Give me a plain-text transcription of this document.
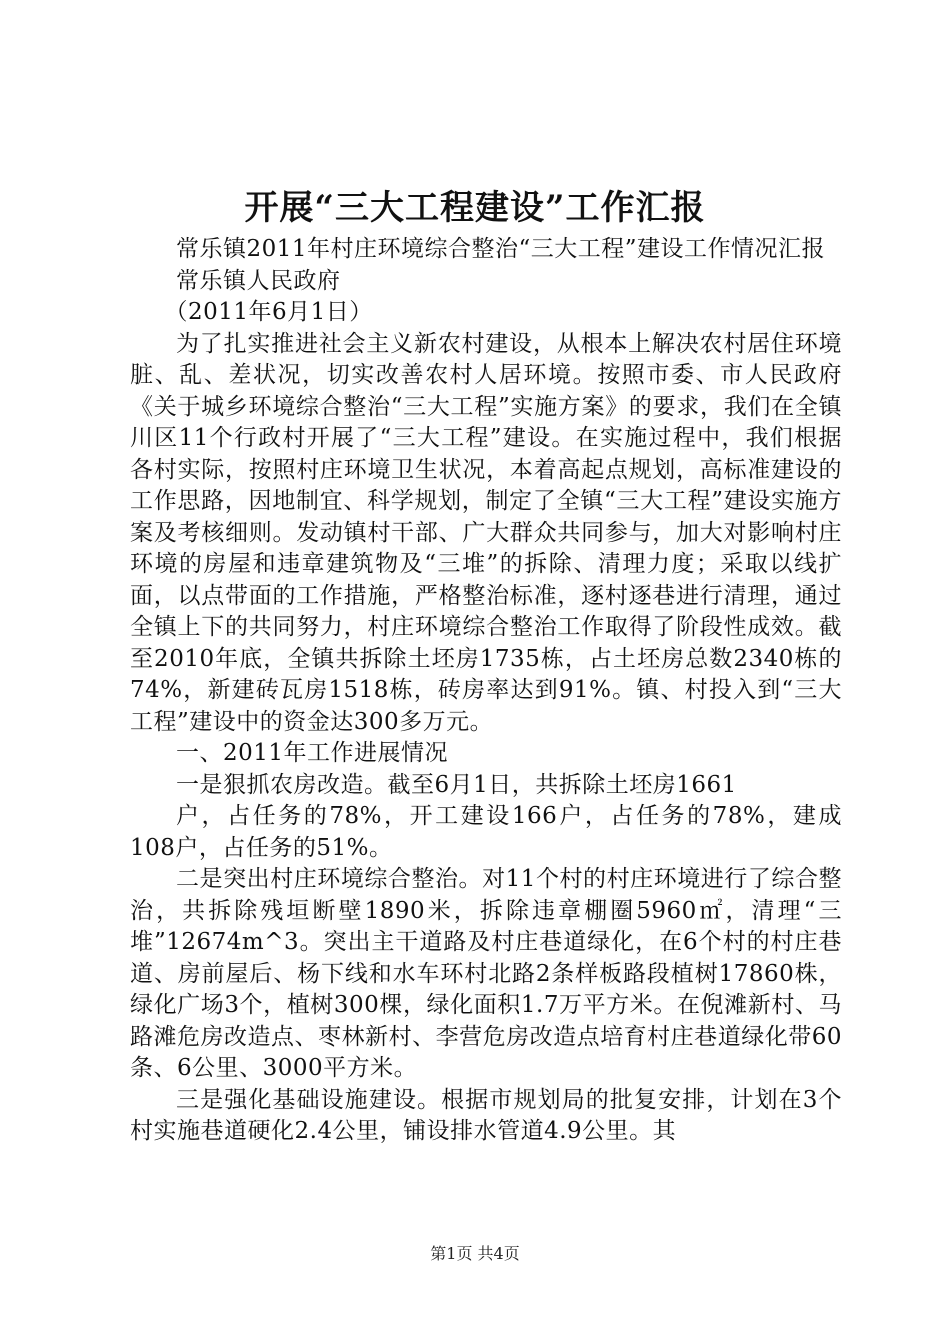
开展“三大工程建设”工作汇报

常乐镇2011年村庄环境综合整治“三大工程”建设工作情况汇报

常乐镇人民政府

（2011年6月1日）

为了扎实推进社会主义新农村建设，从根本上解决农村居住环境脏、乱、差状况，切实改善农村人居环境。按照市委、市人民政府《关于城乡环境综合整治“三大工程”实施方案》的要求，我们在全镇川区11个行政村开展了“三大工程”建设。在实施过程中，我们根据各村实际，按照村庄环境卫生状况，本着高起点规划，高标准建设的工作思路，因地制宜、科学规划，制定了全镇“三大工程”建设实施方案及考核细则。发动镇村干部、广大群众共同参与，加大对影响村庄环境的房屋和违章建筑物及“三堆”的拆除、清理力度；采取以线扩面，以点带面的工作措施，严格整治标准，逐村逐巷进行清理，通过全镇上下的共同努力，村庄环境综合整治工作取得了阶段性成效。截至2010年底，全镇共拆除土坯房1735栋，占土坯房总数2340栋的74%，新建砖瓦房1518栋，砖房率达到91%。镇、村投入到“三大工程”建设中的资金达300多万元。

一、2011年工作进展情况

一是狠抓农房改造。截至6月1日，共拆除土坯房1661

户，占任务的78%，开工建设166户，占任务的78%，建成108户，占任务的51%。

二是突出村庄环境综合整治。对11个村的村庄环境进行了综合整治，共拆除残垣断壁1890米，拆除违章棚圈5960㎡，清理“三堆”12674m^3。突出主干道路及村庄巷道绿化，在6个村的村庄巷道、房前屋后、杨下线和水车环村北路2条样板路段植树17860株，绿化广场3个，植树300棵，绿化面积1.7万平方米。在倪滩新村、马路滩危房改造点、枣林新村、李营危房改造点培育村庄巷道绿化带60条、6公里、3000平方米。

三是强化基础设施建设。根据市规划局的批复安排，计划在3个村实施巷道硬化2.4公里，铺设排水管道4.9公里。其

第1页 共4页
